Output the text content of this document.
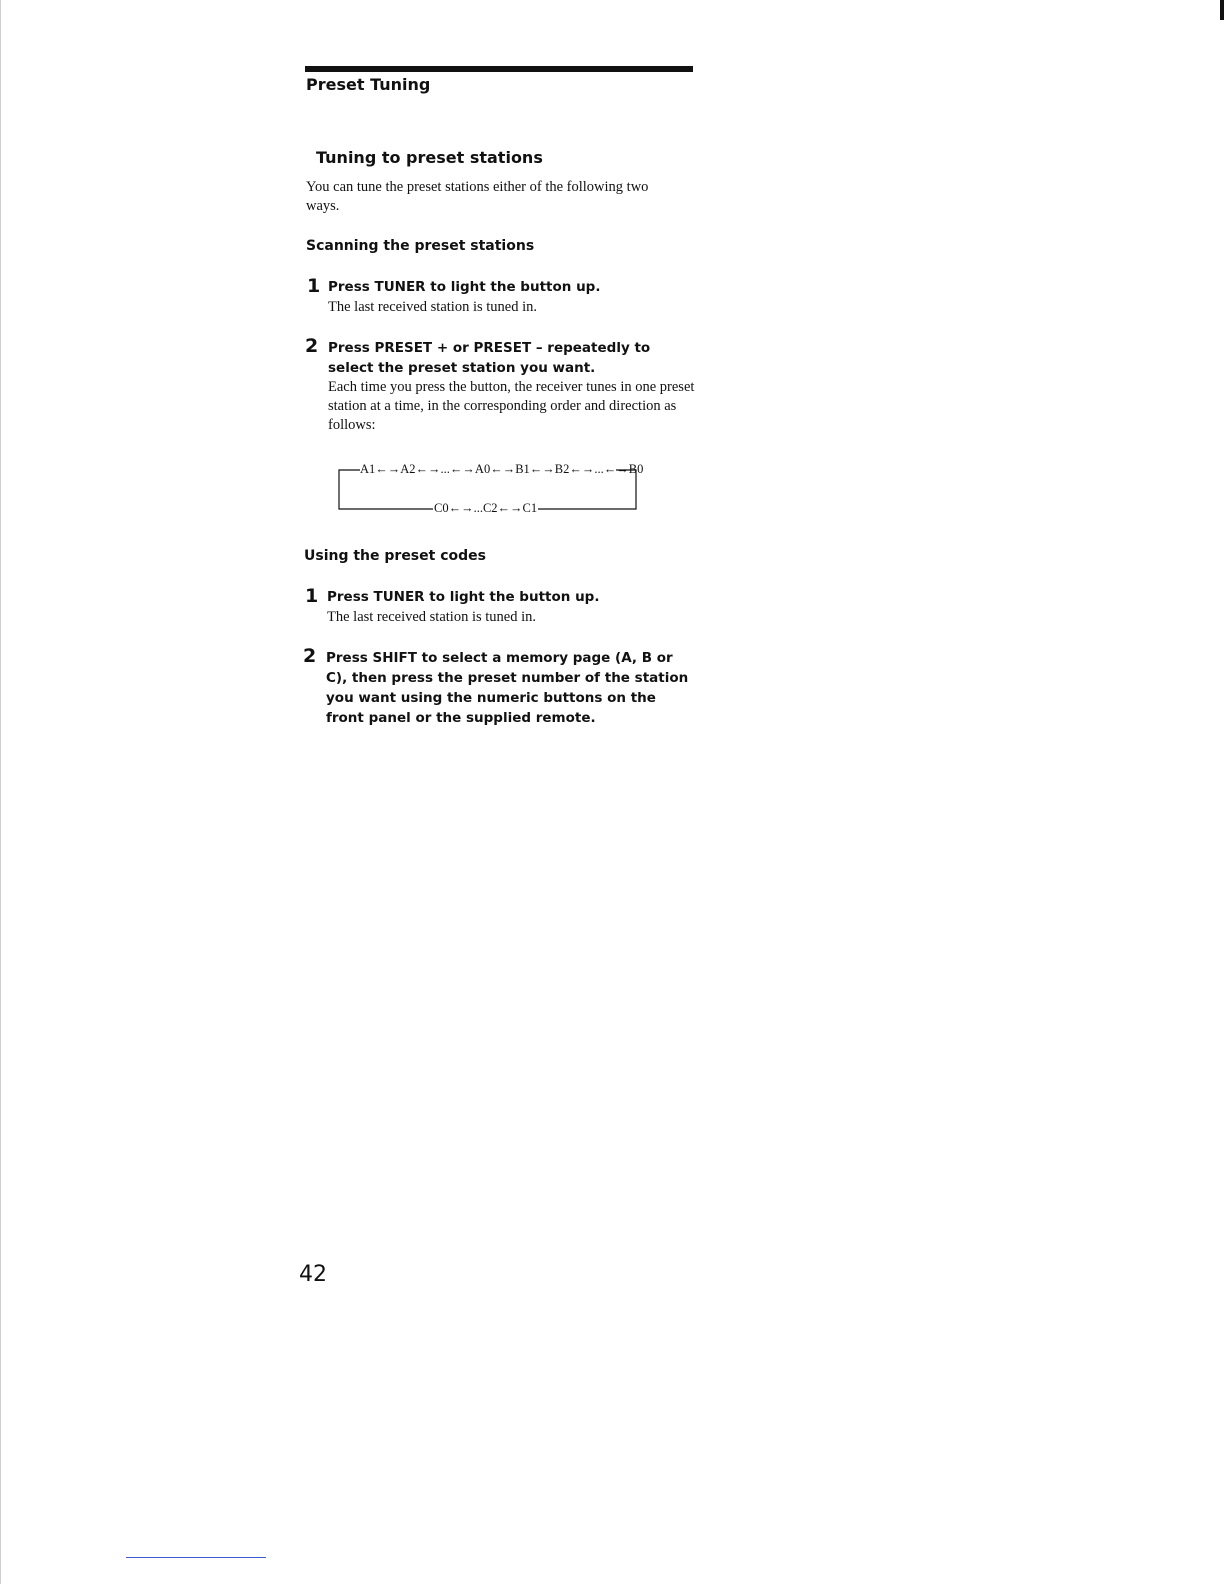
Preset Tuning
Tuning to preset stations
You can tune the preset stations either of the following two ways.
Scanning the preset stations
1 Press TUNER to light the button up.
The last received station is tuned in.
2 Press PRESET + or PRESET – repeatedly to select the preset station you want.
Each time you press the button, the receiver tunes in one preset station at a time, in the corresponding order and direction as follows:
A1←→A2←→...←→A0←→B1←→B2←→...←→B0
C0←→...C2←→C1
Using the preset codes
1 Press TUNER to light the button up.
The last received station is tuned in.
2 Press SHIFT to select a memory page (A, B or C), then press the preset number of the station you want using the numeric buttons on the front panel or the supplied remote.
42
